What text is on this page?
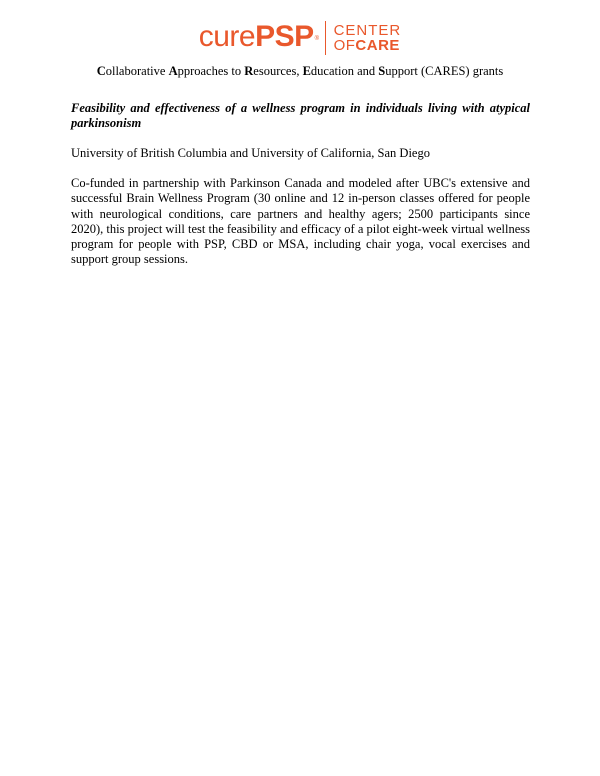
cure PSP ® CENTER
OFCARE
Collaborative Approaches to Resources, Education and Support (CARES) grants
Feasibility and effectiveness of a wellness program in individuals living with atypical parkinsonism
University of British Columbia and University of California, San Diego
Co-funded in partnership with Parkinson Canada and modeled after UBC's extensive and successful Brain Wellness Program (30 online and 12 in-person classes offered for people with neurological conditions, care partners and healthy agers; 2500 participants since 2020), this project will test the feasibility and efficacy of a pilot eight-week virtual wellness program for people with PSP, CBD or MSA, including chair yoga, vocal exercises and support group sessions.
